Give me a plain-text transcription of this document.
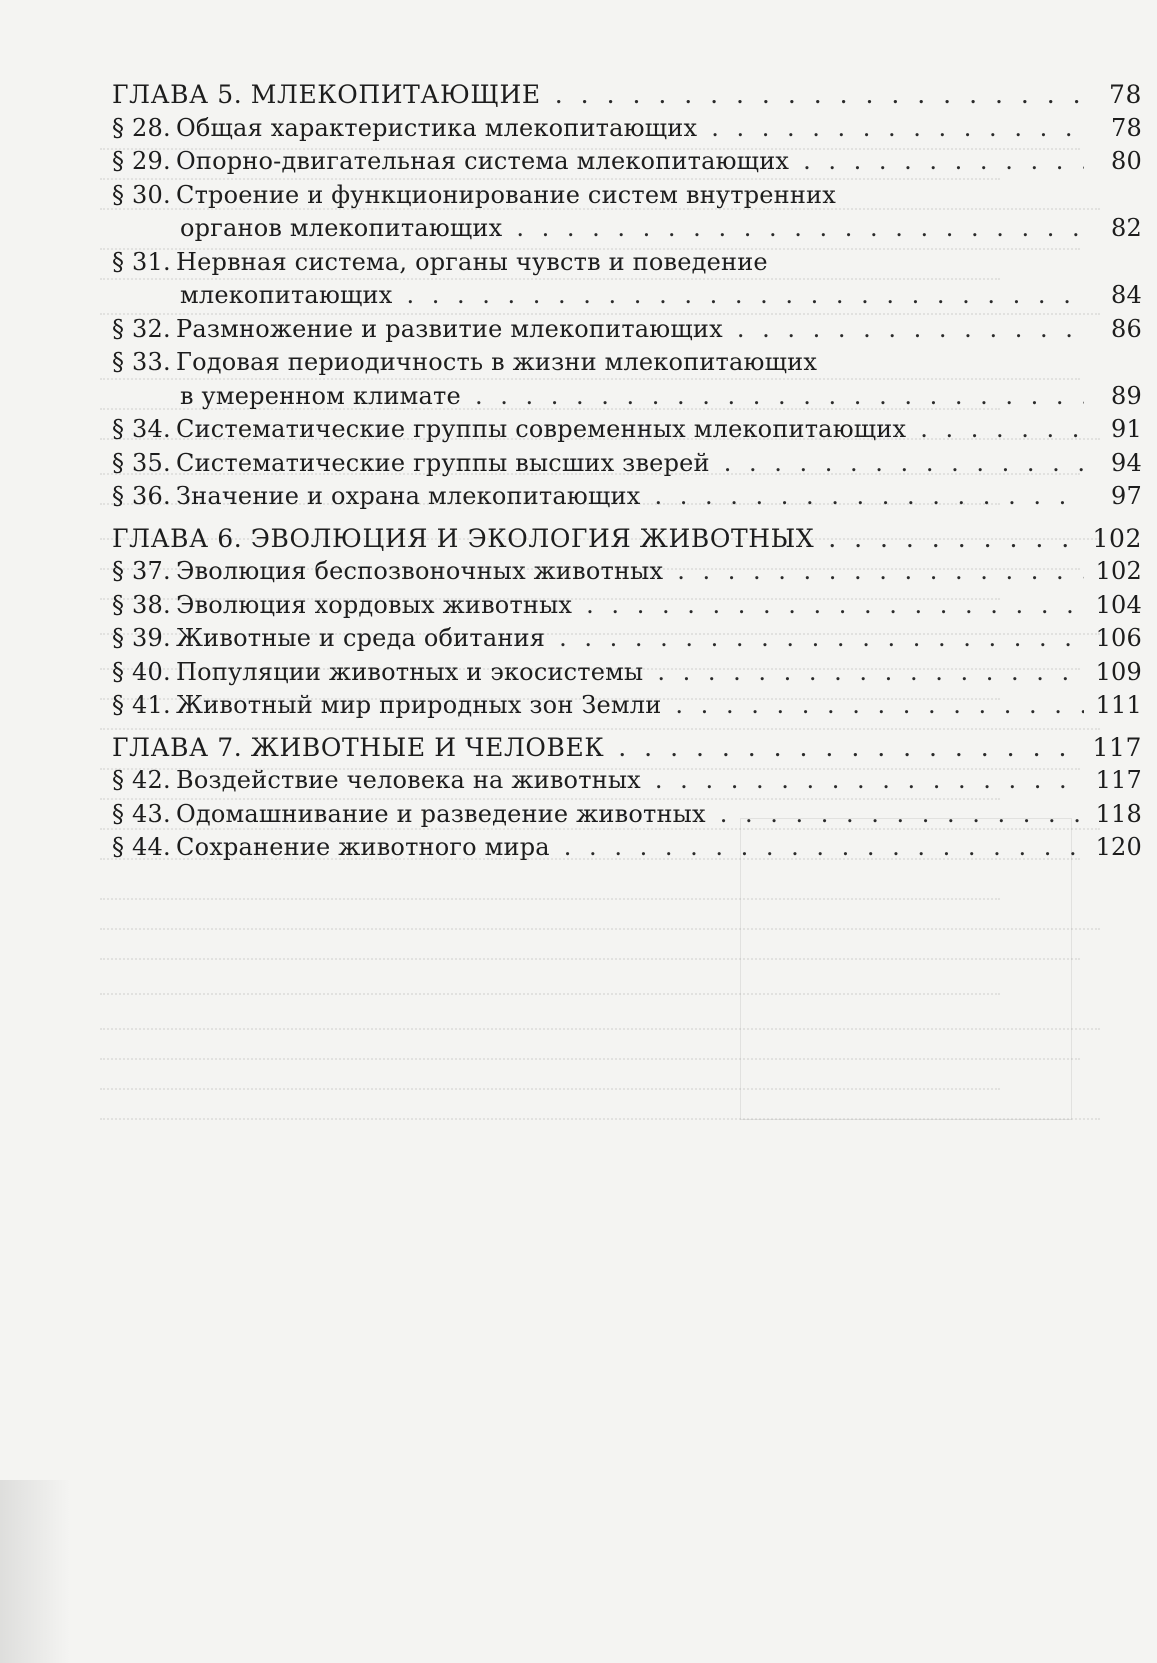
ГЛАВА 5. МЛЕКОПИТАЮЩИЕ . . .	78
§ 28. Общая характеристика млекопитающих . . .	78
§ 29. Опорно-двигательная система млекопитающих . . .	80
§ 30. Строение и функционирование систем внутренних
органов млекопитающих . . .	82
§ 31. Нервная система, органы чувств и поведение
млекопитающих . . .	84
§ 32. Размножение и развитие млекопитающих . . .	86
§ 33. Годовая периодичность в жизни млекопитающих
в умеренном климате . . .	89
§ 34. Систематические группы современных млекопитающих . . .	91
§ 35. Систематические группы высших зверей . . .	94
§ 36. Значение и охрана млекопитающих . . .	97
ГЛАВА 6. ЭВОЛЮЦИЯ И ЭКОЛОГИЯ ЖИВОТНЫХ . . .	102
§ 37. Эволюция беспозвоночных животных . . .	102
§ 38. Эволюция хордовых животных . . .	104
§ 39. Животные и среда обитания . . .	106
§ 40. Популяции животных и экосистемы . . .	109
§ 41. Животный мир природных зон Земли . . .	111
ГЛАВА 7. ЖИВОТНЫЕ И ЧЕЛОВЕК . . .	117
§ 42. Воздействие человека на животных . . .	117
§ 43. Одомашнивание и разведение животных . . .	118
§ 44. Сохранение животного мира . . .	120
